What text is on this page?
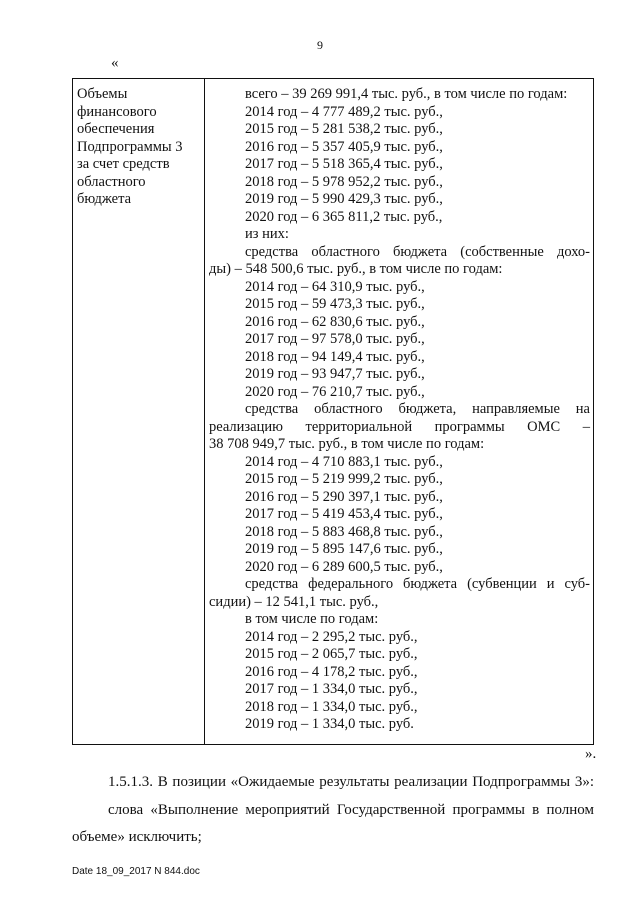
9
«
Объемы
финансового
обеспечения
Подпрограммы 3
за счет средств
областного
бюджета
всего – 39 269 991,4 тыс. руб., в том числе по годам:
2014 год – 4 777 489,2 тыс. руб.,
2015 год – 5 281 538,2 тыс. руб.,
2016 год – 5 357 405,9 тыс. руб.,
2017 год – 5 518 365,4 тыс. руб.,
2018 год – 5 978 952,2 тыс. руб.,
2019 год – 5 990 429,3 тыс. руб.,
2020 год – 6 365 811,2 тыс. руб.,
из них:
средства областного бюджета (собственные дохо-
ды) – 548 500,6 тыс. руб., в том числе по годам:
2014 год – 64 310,9 тыс. руб.,
2015 год – 59 473,3 тыс. руб.,
2016 год – 62 830,6 тыс. руб.,
2017 год – 97 578,0 тыс. руб.,
2018 год – 94 149,4 тыс. руб.,
2019 год – 93 947,7 тыс. руб.,
2020 год – 76 210,7 тыс. руб.,
средства областного бюджета, направляемые на
реализацию территориальной программы ОМС –
38 708 949,7 тыс. руб., в том числе по годам:
2014 год – 4 710 883,1 тыс. руб.,
2015 год – 5 219 999,2 тыс. руб.,
2016 год – 5 290 397,1 тыс. руб.,
2017 год – 5 419 453,4 тыс. руб.,
2018 год – 5 883 468,8 тыс. руб.,
2019 год – 5 895 147,6 тыс. руб.,
2020 год – 6 289 600,5 тыс. руб.,
средства федерального бюджета (субвенции и суб-
сидии) – 12 541,1 тыс. руб.,
в том числе по годам:
2014 год – 2 295,2 тыс. руб.,
2015 год – 2 065,7 тыс. руб.,
2016 год – 4 178,2 тыс. руб.,
2017 год – 1 334,0 тыс. руб.,
2018 год – 1 334,0 тыс. руб.,
2019 год – 1 334,0 тыс. руб.
».
1.5.1.3. В позиции «Ожидаемые результаты реализации Подпрограммы 3»:
слова «Выполнение мероприятий Государственной программы в полном
объеме» исключить;
Date 18_09_2017 N 844.doc
